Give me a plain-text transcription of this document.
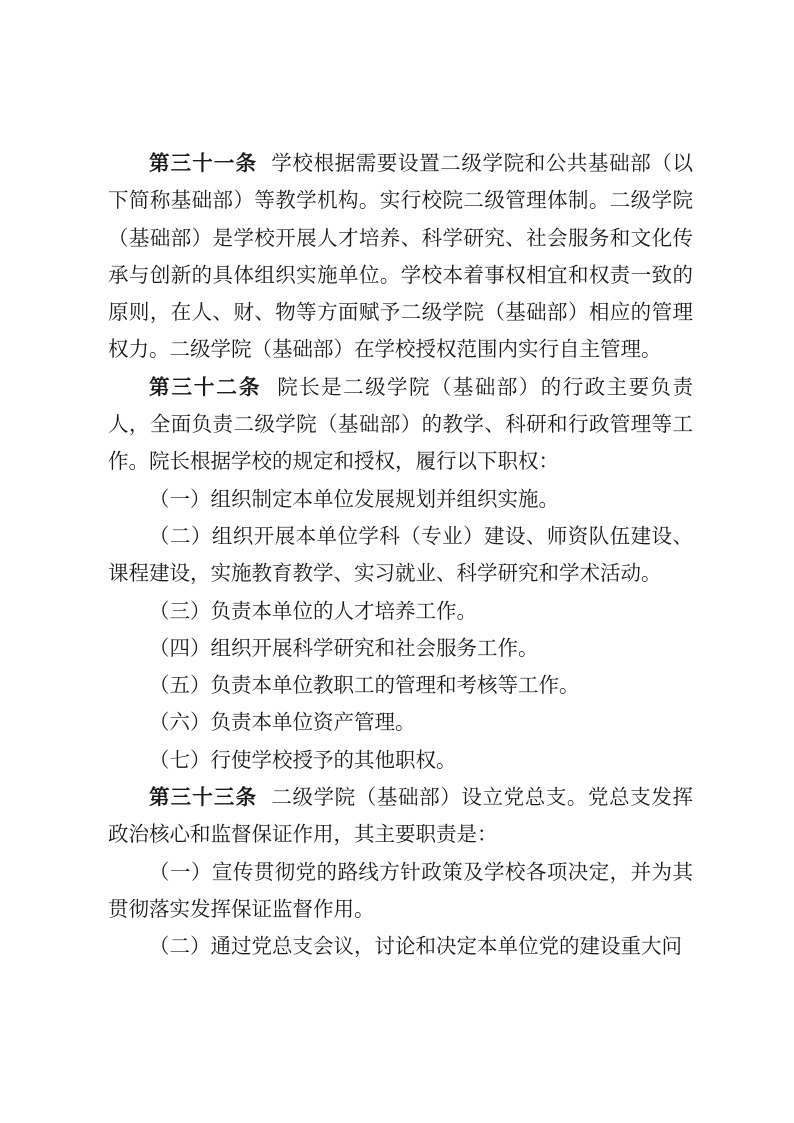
第三十一条 学校根据需要设置二级学院和公共基础部（以下简称基础部）等教学机构。实行校院二级管理体制。二级学院（基础部）是学校开展人才培养、科学研究、社会服务和文化传承与创新的具体组织实施单位。学校本着事权相宜和权责一致的原则，在人、财、物等方面赋予二级学院（基础部）相应的管理权力。二级学院（基础部）在学校授权范围内实行自主管理。

第三十二条 院长是二级学院（基础部）的行政主要负责人，全面负责二级学院（基础部）的教学、科研和行政管理等工作。院长根据学校的规定和授权，履行以下职权：

（一）组织制定本单位发展规划并组织实施。

（二）组织开展本单位学科（专业）建设、师资队伍建设、课程建设，实施教育教学、实习就业、科学研究和学术活动。

（三）负责本单位的人才培养工作。

（四）组织开展科学研究和社会服务工作。

（五）负责本单位教职工的管理和考核等工作。

（六）负责本单位资产管理。

（七）行使学校授予的其他职权。

第三十三条 二级学院（基础部）设立党总支。党总支发挥政治核心和监督保证作用，其主要职责是：

（一）宣传贯彻党的路线方针政策及学校各项决定，并为其贯彻落实发挥保证监督作用。

（二）通过党总支会议，讨论和决定本单位党的建设重大问
